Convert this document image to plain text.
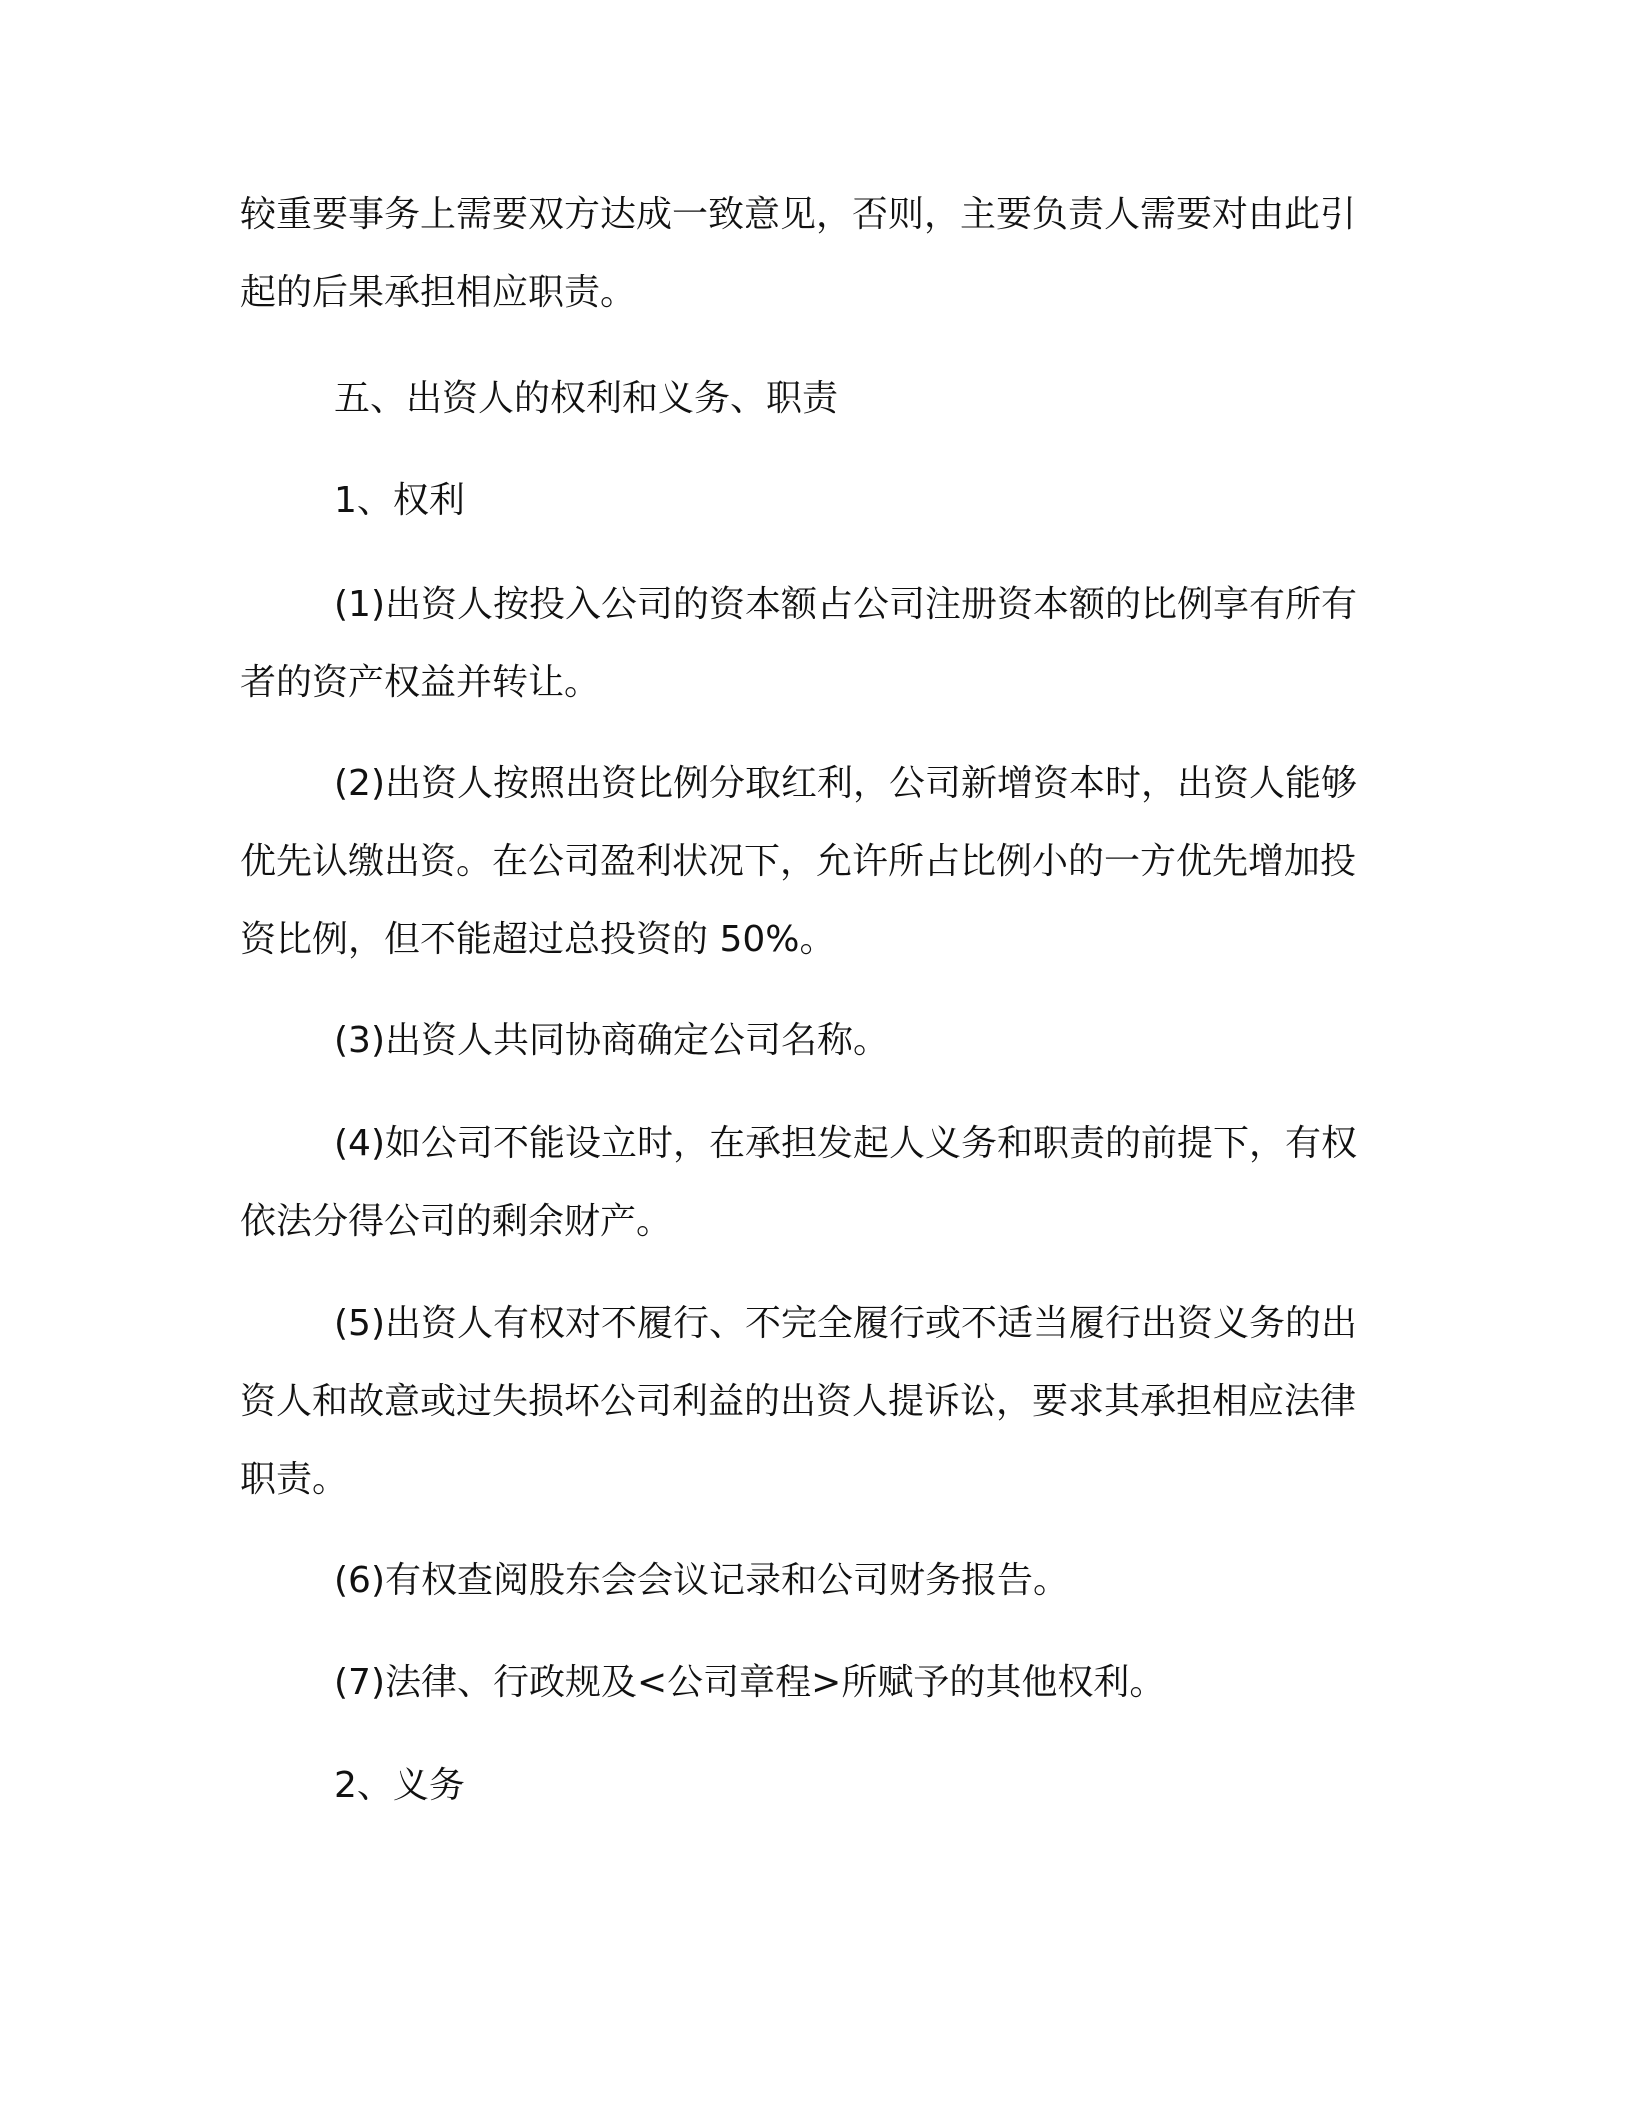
较重要事务上需要双方达成一致意见，否则，主要负责人需要对由此引起的后果承担相应职责。

五、出资人的权利和义务、职责

1、权利

(1)出资人按投入公司的资本额占公司注册资本额的比例享有所有者的资产权益并转让。

(2)出资人按照出资比例分取红利，公司新增资本时，出资人能够优先认缴出资。在公司盈利状况下，允许所占比例小的一方优先增加投资比例，但不能超过总投资的 50%。

(3)出资人共同协商确定公司名称。

(4)如公司不能设立时，在承担发起人义务和职责的前提下，有权依法分得公司的剩余财产。

(5)出资人有权对不履行、不完全履行或不适当履行出资义务的出资人和故意或过失损坏公司利益的出资人提诉讼，要求其承担相应法律职责。

(6)有权查阅股东会会议记录和公司财务报告。

(7)法律、行政规及<公司章程>所赋予的其他权利。

2、义务
